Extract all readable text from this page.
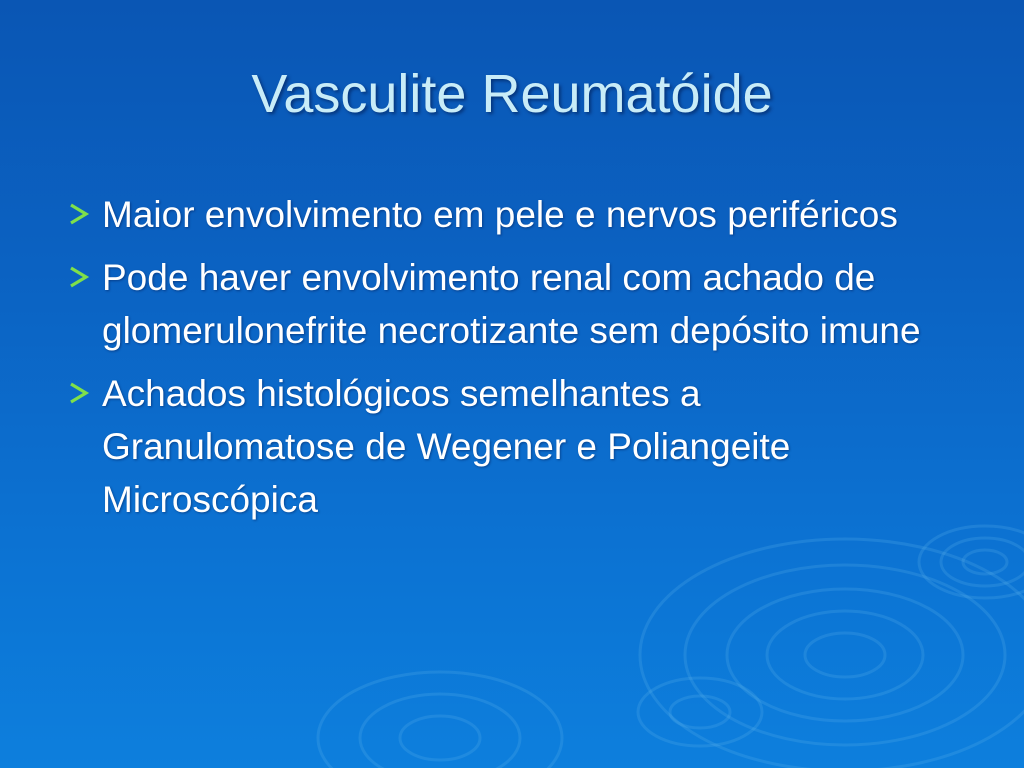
Vasculite Reumatóide
Maior envolvimento em pele e nervos periféricos
Pode haver envolvimento renal com achado de glomerulonefrite necrotizante sem depósito imune
Achados histológicos semelhantes a Granulomatose de Wegener e Poliangeite Microscópica
